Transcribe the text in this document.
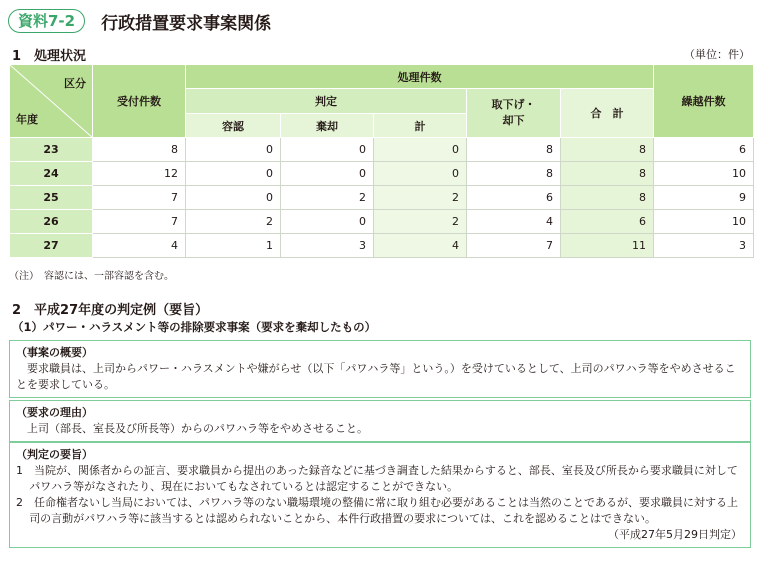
資料7-2	行政措置要求事案関係
1　処理状況	（単位：件）
区分
年度	受付件数	処理件数					繰越件数
		判定			取下げ・
却下	合　計	
		容認	棄却	計			
23	8	0	0	0	8	8	6
24	12	0	0	0	8	8	10
25	7	0	2	2	6	8	9
26	7	2	0	2	4	6	10
27	4	1	3	4	7	11	3
（注）　容認には、一部容認を含む。
2　平成27年度の判定例（要旨）
（1）パワー・ハラスメント等の排除要求事案（要求を棄却したもの）

（事案の概要）

要求職員は、上司からパワー・ハラスメントや嫌がらせ（以下「パワハラ等」という。）を受けているとして、上司のパワハラ等をやめさせることを要求している。

（要求の理由）

上司（部長、室長及び所長等）からのパワハラ等をやめさせること。

（判定の要旨）

1　当院が、関係者からの証言、要求職員から提出のあった録音などに基づき調査した結果からすると、部長、室長及び所長から要求職員に対してパワハラ等がなされたり、現在においてもなされているとは認定することができない。

2　任命権者ないし当局においては、パワハラ等のない職場環境の整備に常に取り組む必要があることは当然のことであるが、要求職員に対する上司の言動がパワハラ等に該当するとは認められないことから、本件行政措置の要求については、これを認めることはできない。

（平成27年5月29日判定）
